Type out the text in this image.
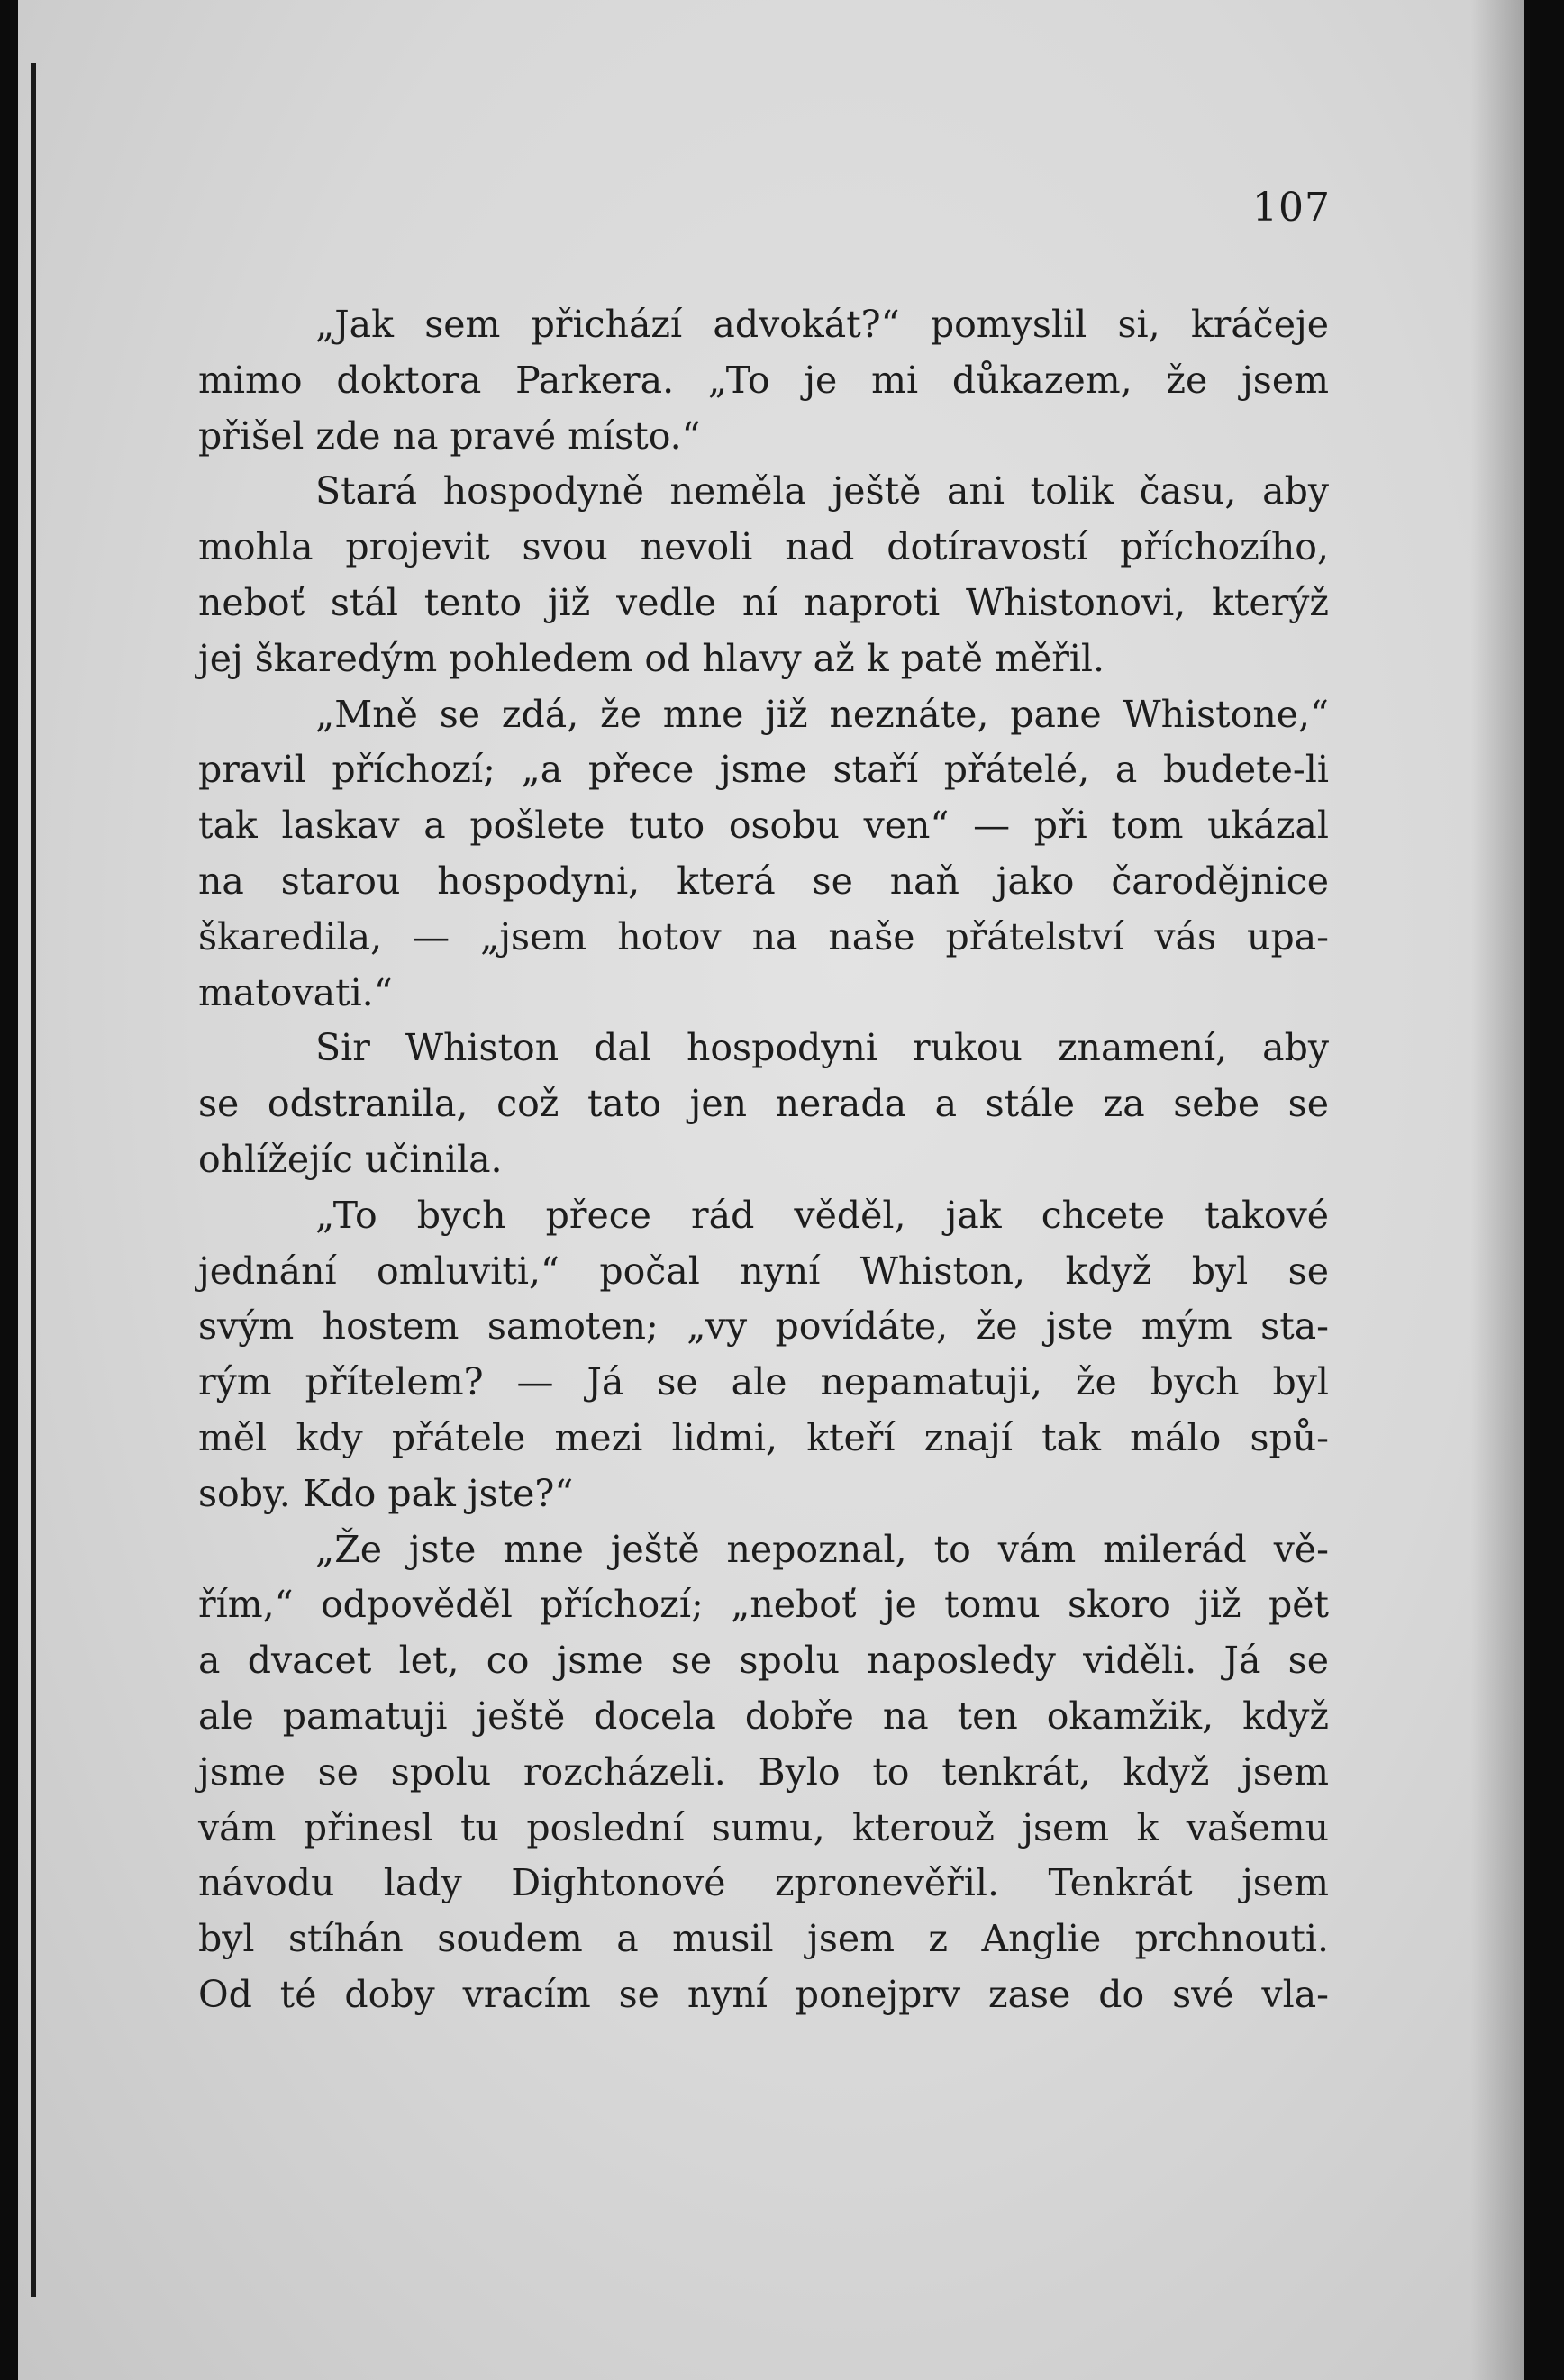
107
„Jak sem přichází advokát?“ pomyslil si, kráčeje
mimo doktora Parkera. „To je mi důkazem, že jsem
přišel zde na pravé místo.“
Stará hospodyně neměla ještě ani tolik času, aby
mohla projevit svou nevoli nad dotíravostí příchozího,
neboť stál tento již vedle ní naproti Whistonovi, kterýž
jej škaredým pohledem od hlavy až k patě měřil.
„Mně se zdá, že mne již neznáte, pane Whistone,“
pravil příchozí; „a přece jsme staří přátelé, a budete-li
tak laskav a pošlete tuto osobu ven“ — při tom ukázal
na starou hospodyni, která se naň jako čarodějnice
škaredila, — „jsem hotov na naše přátelství vás upa-
matovati.“
Sir Whiston dal hospodyni rukou znamení, aby
se odstranila, což tato jen nerada a stále za sebe se
ohlížejíc učinila.
„To bych přece rád věděl, jak chcete takové
jednání omluviti,“ počal nyní Whiston, když byl se
svým hostem samoten; „vy povídáte, že jste mým sta-
rým přítelem? — Já se ale nepamatuji, že bych byl
měl kdy přátele mezi lidmi, kteří znají tak málo spů-
soby. Kdo pak jste?“
„Že jste mne ještě nepoznal, to vám milerád vě-
řím,“ odpověděl příchozí; „neboť je tomu skoro již pět
a dvacet let, co jsme se spolu naposledy viděli. Já se
ale pamatuji ještě docela dobře na ten okamžik, když
jsme se spolu rozcházeli. Bylo to tenkrát, když jsem
vám přinesl tu poslední sumu, kterouž jsem k vašemu
návodu lady Dightonové zpronevěřil. Tenkrát jsem
byl stíhán soudem a musil jsem z Anglie prchnouti.
Od té doby vracím se nyní ponejprv zase do své vla-
